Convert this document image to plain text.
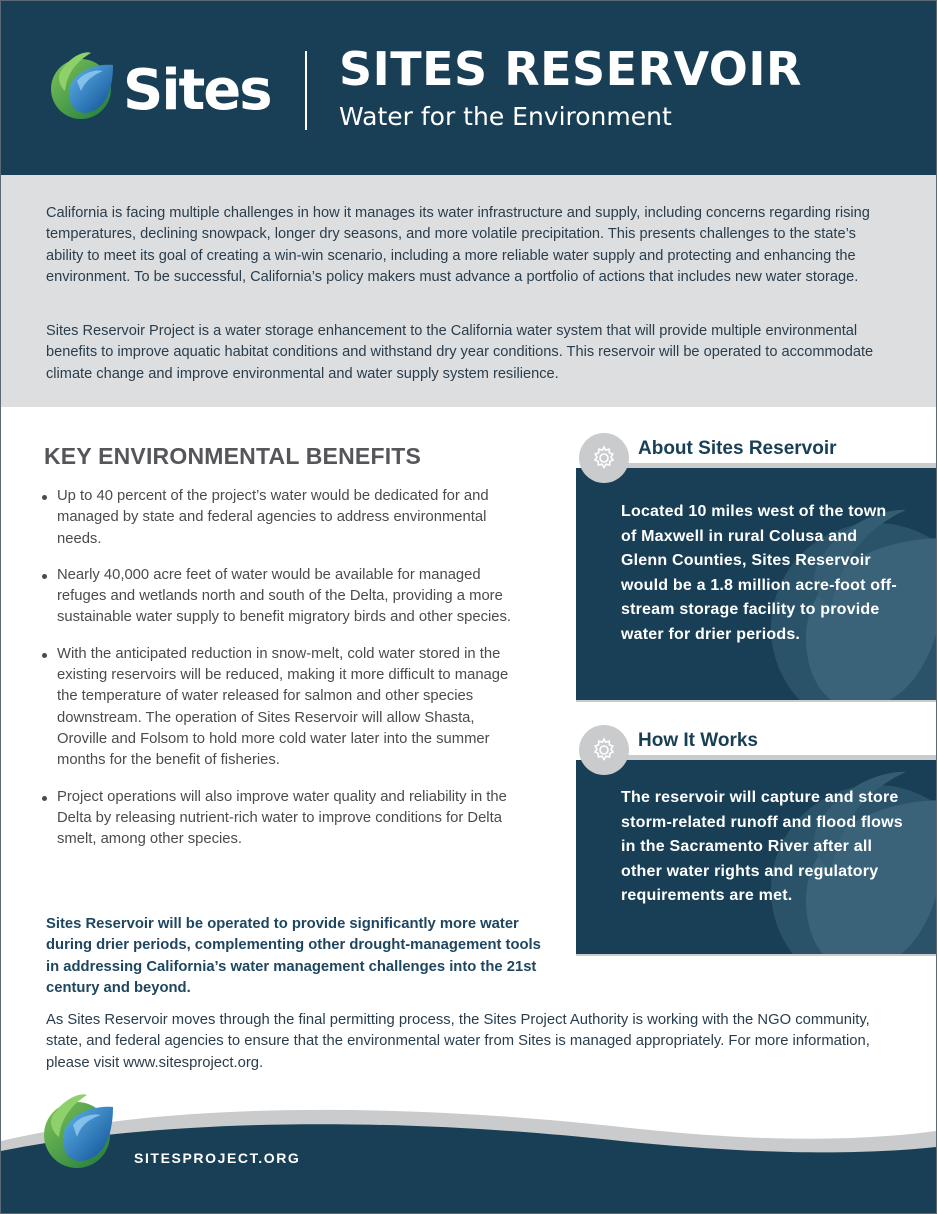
Sites SITES RESERVOIR
Water for the Environment

California is facing multiple challenges in how it manages its water infrastructure and supply, including concerns regarding rising temperatures, declining snowpack, longer dry seasons, and more volatile precipitation. This presents challenges to the state’s ability to meet its goal of creating a win-win scenario, including a more reliable water supply and protecting and enhancing the environment. To be successful, California’s policy makers must advance a portfolio of actions that includes new water storage.

Sites Reservoir Project is a water storage enhancement to the California water system that will provide multiple environmental benefits to improve aquatic habitat conditions and withstand dry year conditions. This reservoir will be operated to accommodate climate change and improve environmental and water supply system resilience.

KEY ENVIRONMENTAL BENEFITS
Up to 40 percent of the project’s water would be dedicated for and managed by state and federal agencies to address environmental needs.
Nearly 40,000 acre feet of water would be available for managed refuges and wetlands north and south of the Delta, providing a more sustainable water supply to benefit migratory birds and other species.
With the anticipated reduction in snow-melt, cold water stored in the existing reservoirs will be reduced, making it more difficult to manage the temperature of water released for salmon and other species downstream. The operation of Sites Reservoir will allow Shasta, Oroville and Folsom to hold more cold water later into the summer months for the benefit of fisheries.
Project operations will also improve water quality and reliability in the Delta by releasing nutrient-rich water to improve conditions for Delta smelt, among other species.

Sites Reservoir will be operated to provide significantly more water during drier periods, complementing other drought-management tools in addressing California’s water management challenges into the 21st century and beyond.

As Sites Reservoir moves through the final permitting process, the Sites Project Authority is working with the NGO community, state, and federal agencies to ensure that the environmental water from Sites is managed appropriately. For more information, please visit www.sitesproject.org.

About Sites Reservoir

Located 10 miles west of the town of Maxwell in rural Colusa and Glenn Counties, Sites Reservoir would be a 1.8 million acre-foot off-stream storage facility to provide water for drier periods.

How It Works

The reservoir will capture and store storm-related runoff and flood flows in the Sacramento River after all other water rights and regulatory requirements are met.

SITESPROJECT.ORG
